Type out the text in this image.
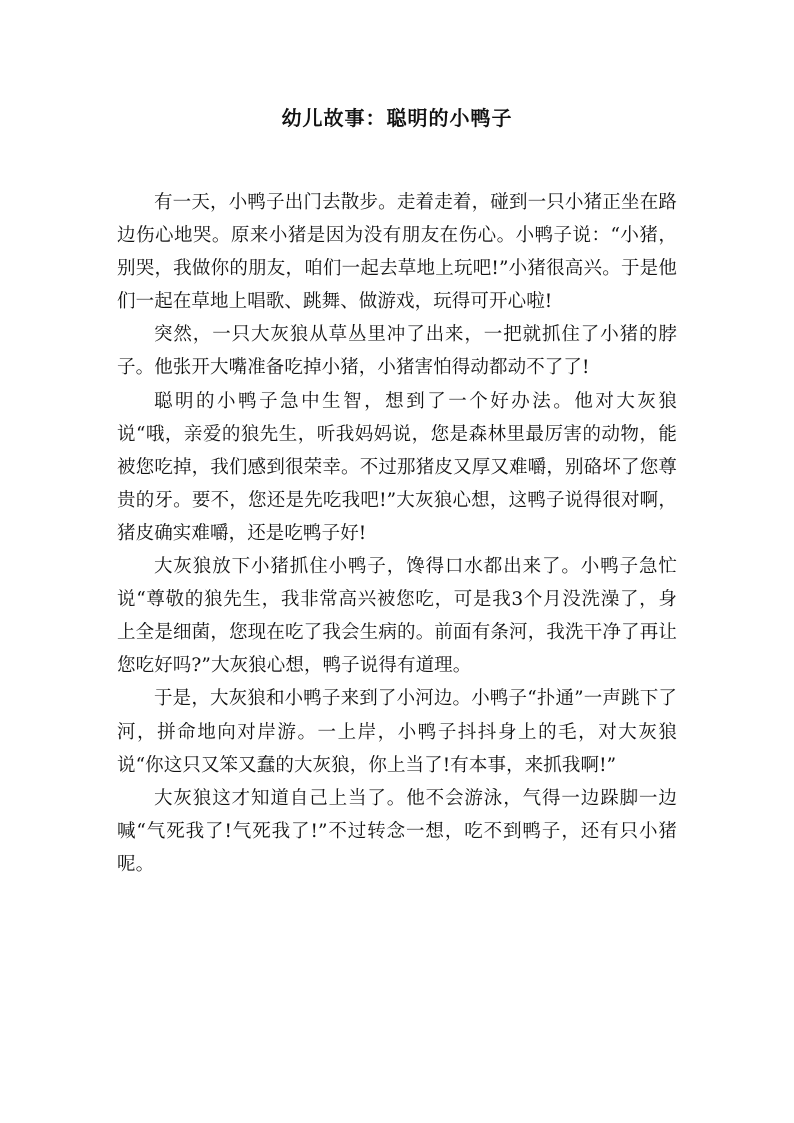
幼儿故事：聪明的小鸭子

有一天，小鸭子出门去散步。走着走着，碰到一只小猪正坐在路边伤心地哭。原来小猪是因为没有朋友在伤心。小鸭子说：“小猪，别哭，我做你的朋友，咱们一起去草地上玩吧!”小猪很高兴。于是他们一起在草地上唱歌、跳舞、做游戏，玩得可开心啦!

突然，一只大灰狼从草丛里冲了出来，一把就抓住了小猪的脖子。他张开大嘴准备吃掉小猪，小猪害怕得动都动不了了!

聪明的小鸭子急中生智，想到了一个好办法。他对大灰狼说“哦，亲爱的狼先生，听我妈妈说，您是森林里最厉害的动物，能被您吃掉，我们感到很荣幸。不过那猪皮又厚又难嚼，别硌坏了您尊贵的牙。要不，您还是先吃我吧!”大灰狼心想，这鸭子说得很对啊，猪皮确实难嚼，还是吃鸭子好!

大灰狼放下小猪抓住小鸭子，馋得口水都出来了。小鸭子急忙说“尊敬的狼先生，我非常高兴被您吃，可是我3个月没洗澡了，身上全是细菌，您现在吃了我会生病的。前面有条河，我洗干净了再让您吃好吗?”大灰狼心想，鸭子说得有道理。

于是，大灰狼和小鸭子来到了小河边。小鸭子“扑通”一声跳下了河，拼命地向对岸游。一上岸，小鸭子抖抖身上的毛，对大灰狼说“你这只又笨又蠢的大灰狼，你上当了!有本事，来抓我啊!”

大灰狼这才知道自己上当了。他不会游泳，气得一边跺脚一边喊“气死我了!气死我了!”不过转念一想，吃不到鸭子，还有只小猪呢。
